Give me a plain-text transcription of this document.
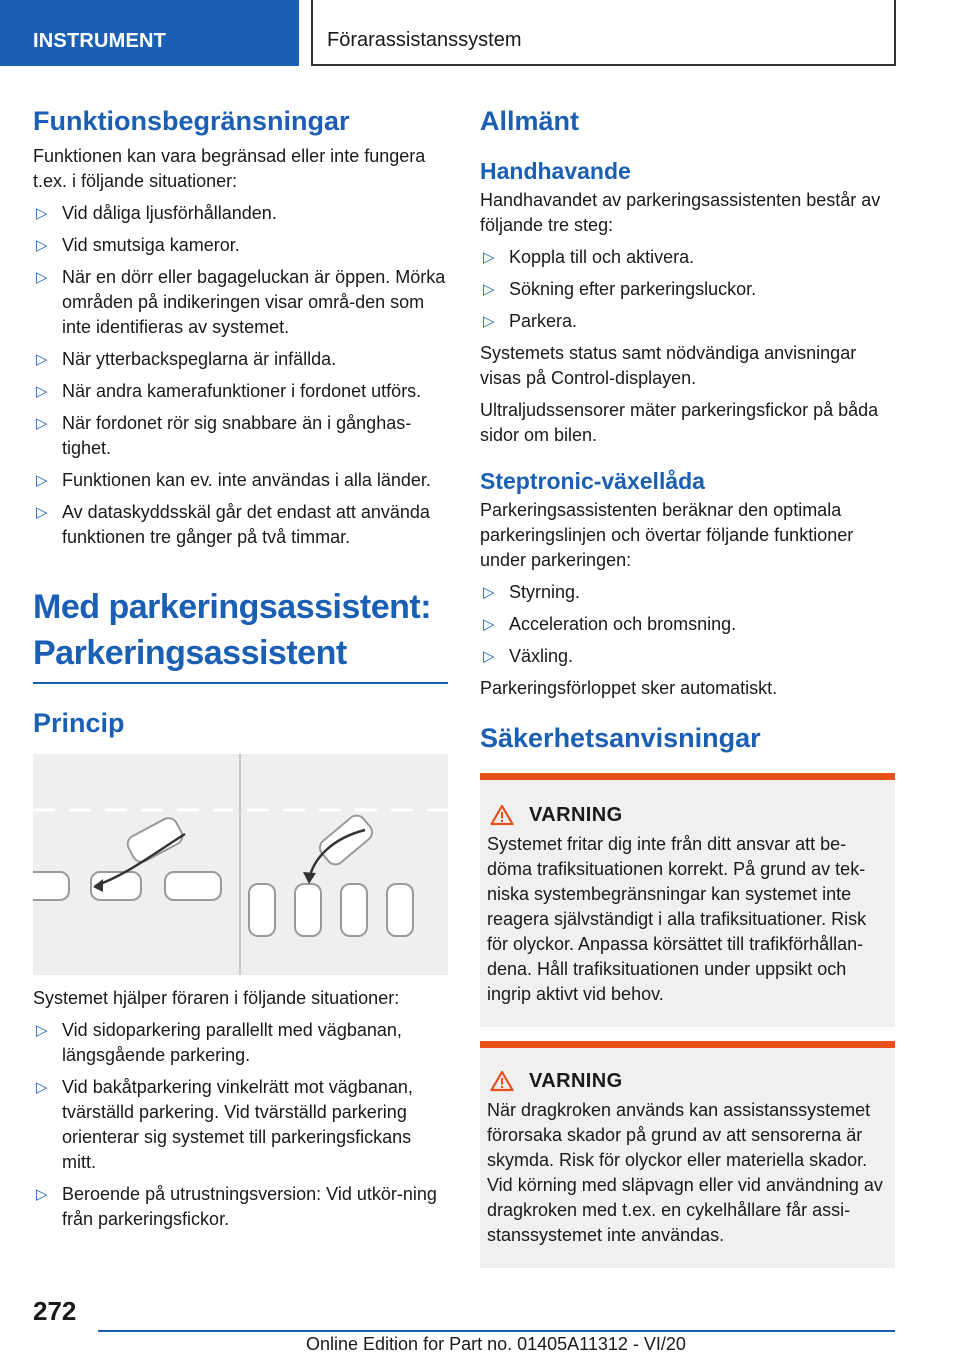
INSTRUMENT	Förarassistanssystem
Funktionsbegränsningar

Funktionen kan vara begränsad eller inte fungera t.ex. i följande situationer:

▷ Vid dåliga ljusförhållanden.
▷ Vid smutsiga kameror.
▷ När en dörr eller bagageluckan är öppen. Mörka områden på indikeringen visar områ-den som inte identifieras av systemet.
▷ När ytterbackspeglarna är infällda.
▷ När andra kamerafunktioner i fordonet utförs.
▷ När fordonet rör sig snabbare än i gånghas-tighet.
▷ Funktionen kan ev. inte användas i alla länder.
▷ Av dataskyddsskäl går det endast att använda funktionen tre gånger på två timmar.
Med parkeringsassistent: Parkeringsassistent
Princip

Systemet hjälper föraren i följande situationer:

▷ Vid sidoparkering parallellt med vägbanan, längsgående parkering.
▷ Vid bakåtparkering vinkelrätt mot vägbanan, tvärställd parkering. Vid tvärställd parkering orienterar sig systemet till parkeringsfickans mitt.
▷ Beroende på utrustningsversion: Vid utkör-ning från parkeringsfickor.
Allmänt
Handhavande

Handhavandet av parkeringsassistenten består av följande tre steg:

▷ Koppla till och aktivera.
▷ Sökning efter parkeringsluckor.
▷ Parkera.

Systemets status samt nödvändiga anvisningar visas på Control-displayen.

Ultraljudssensorer mäter parkeringsfickor på båda sidor om bilen.

Steptronic-växellåda

Parkeringsassistenten beräknar den optimala parkeringslinjen och övertar följande funktioner under parkeringen:

▷ Styrning.
▷ Acceleration och bromsning.
▷ Växling.

Parkeringsförloppet sker automatiskt.

Säkerhetsanvisningar
VARNING

Systemet fritar dig inte från ditt ansvar att be-döma trafiksituationen korrekt. På grund av tek-niska systembegränsningar kan systemet inte reagera självständigt i alla trafiksituationer. Risk för olyckor. Anpassa körsättet till trafikförhållan-dena. Håll trafiksituationen under uppsikt och ingrip aktivt vid behov.

VARNING

När dragkroken används kan assistanssystemet förorsaka skador på grund av att sensorerna är skymda. Risk för olyckor eller materiella skador. Vid körning med släpvagn eller vid användning av dragkroken med t.ex. en cykelhållare får assi-stanssystemet inte användas.

272
Online Edition for Part no. 01405A11312 - VI/20
